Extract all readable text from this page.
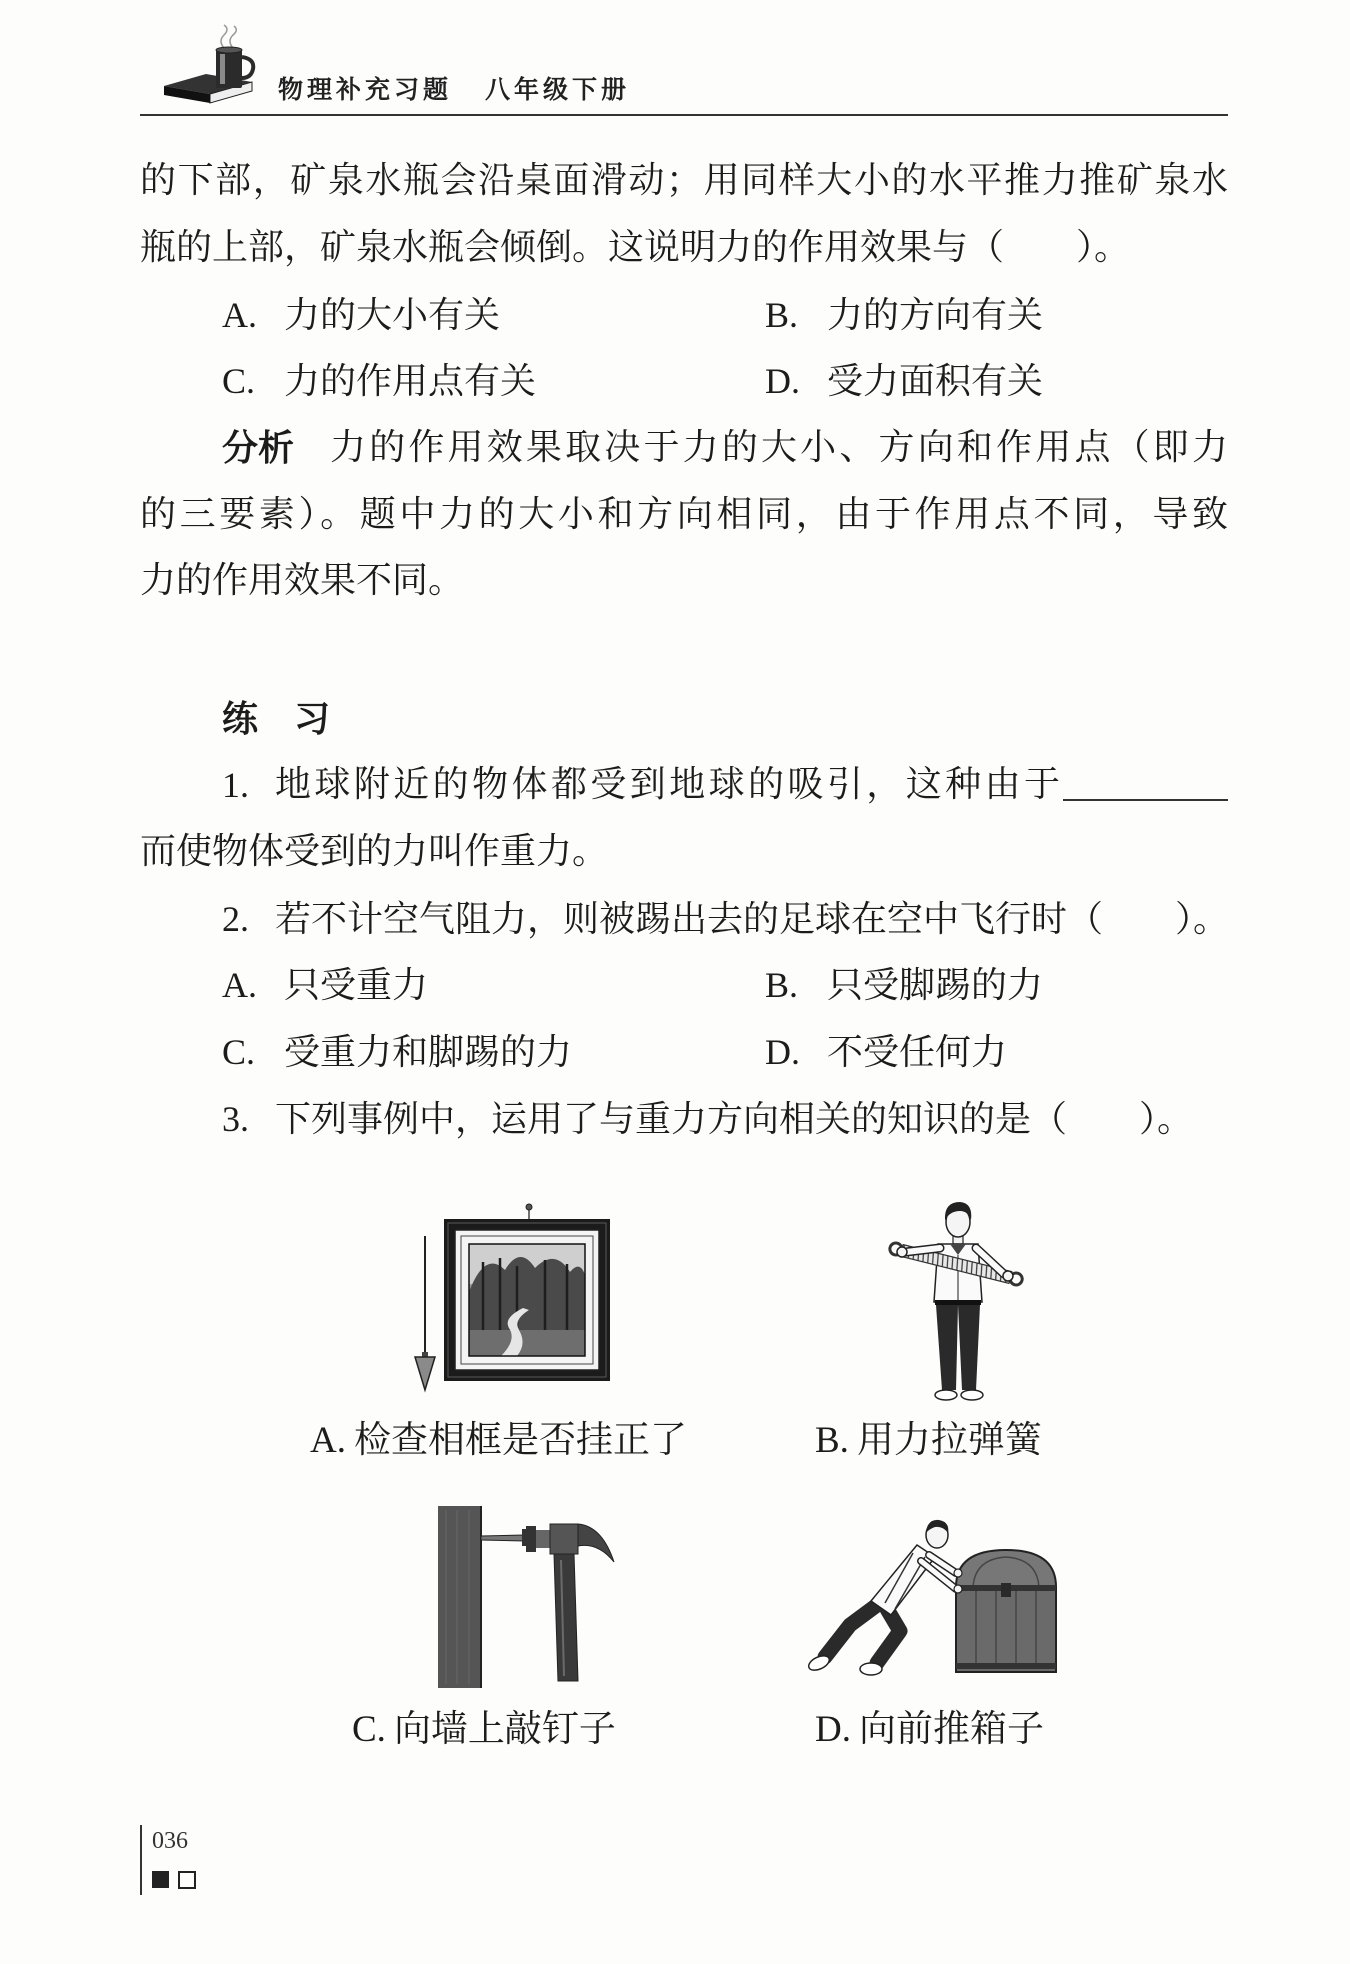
物理补充习题 八年级下册
的下部，矿泉水瓶会沿桌面滑动；用同样大小的水平推力推矿泉水
瓶的上部，矿泉水瓶会倾倒。这说明力的作用效果与（　　）。
A. 力的大小有关	B. 力的方向有关
C. 力的作用点有关	D. 受力面积有关
分析 力的作用效果取决于力的大小、方向和作用点（即力
的三要素）。题中力的大小和方向相同，由于作用点不同，导致
力的作用效果不同。
练　习
1. 地球附近的物体都受到地球的吸引，这种由于
而使物体受到的力叫作重力。
2. 若不计空气阻力，则被踢出去的足球在空中飞行时（　　）。
A. 只受重力	B. 只受脚踢的力
C. 受重力和脚踢的力	D. 不受任何力
3. 下列事例中，运用了与重力方向相关的知识的是（　　）。
A. 检查相框是否挂正了	B. 用力拉弹簧
C. 向墙上敲钉子	D. 向前推箱子
036
